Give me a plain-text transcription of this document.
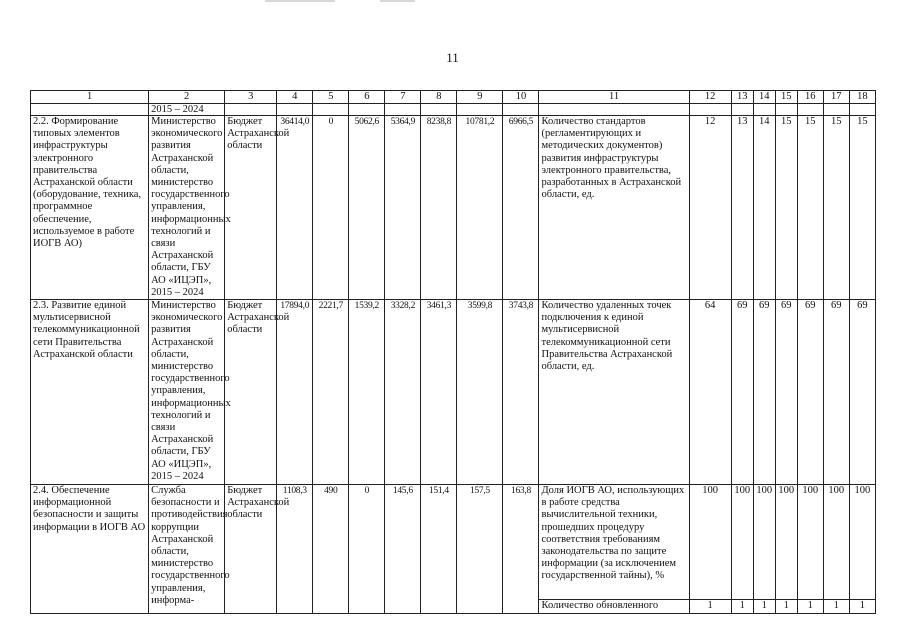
11
1	2	3	4	5	6	7	8	9	10	11	12	13	14	15	16	17	18
	2015 – 2024																
2.2. Формирование типовых элементов инфраструктуры электронного правительства Астраханской области (оборудование, техника, программное обеспечение, используемое в работе ИОГВ АО)	Министерство экономического развития Астраханской области, министерство государственного управления, информационных технологий и связи Астраханской области, ГБУ АО «ИЦЭП», 2015 – 2024	Бюджет Астраханской области	36414,0	0	5062,6	5364,9	8238,8	10781,2	6966,5	Количество стандартов (регламентирующих и методических документов) развития инфраструктуры электронного правительства, разработанных в Астраханской области, ед.	12	13	14	15	15	15	15
2.3. Развитие единой мультисервисной телекоммуникационной сети Правительства Астраханской области	Министерство экономического развития Астраханской области, министерство государственного управления, информационных технологий и связи Астраханской области, ГБУ АО «ИЦЭП», 2015 – 2024	Бюджет Астраханской области	17894,0	2221,7	1539,2	3328,2	3461,3	3599,8	3743,8	Количество удаленных точек подключения к единой мультисервисной телекоммуникационной сети Правительства Астраханской области, ед.	64	69	69	69	69	69	69
2.4. Обеспечение информационной безопасности и защиты информации в ИОГВ АО	Служба безопасности и противодействия коррупции Астраханской области, министерство государственного управления, информа-	Бюджет Астраханской области	1108,3	490	0	145,6	151,4	157,5	163,8	Доля ИОГВ АО, использующих в работе средства вычислительной техники, прошедших процедуру соответствия требованиям законодательства по защите информации (за исключением государственной тайны), %	100	100	100	100	100	100	100
										Количество обновленного	1	1	1	1	1	1	1
